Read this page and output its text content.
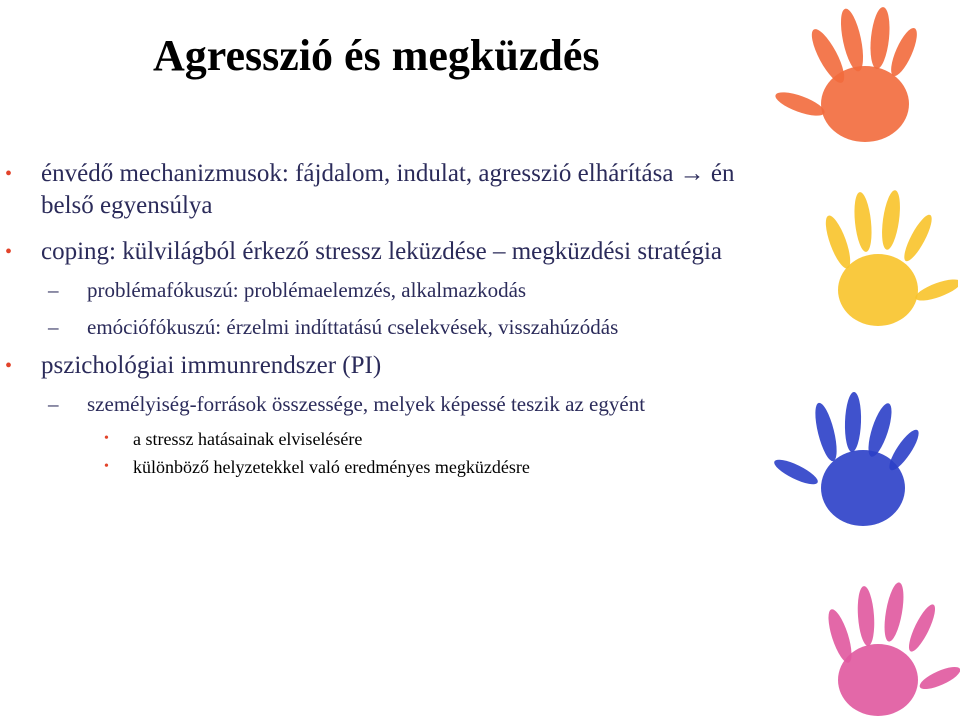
Agresszió és megküzdés
• énvédő mechanizmusok: fájdalom, indulat, agresszió elhárítása → én belső egyensúlya
• coping: külvilágból érkező stressz leküzdése – megküzdési stratégia
– problémafókuszú: problémaelemzés, alkalmazkodás
– emóciófókuszú: érzelmi indíttatású cselekvések, visszahúzódás
• pszichológiai immunrendszer (PI)
– személyiség-források összessége, melyek képessé teszik az egyént
• a stressz hatásainak elviselésére
• különböző helyzetekkel való eredményes megküzdésre
